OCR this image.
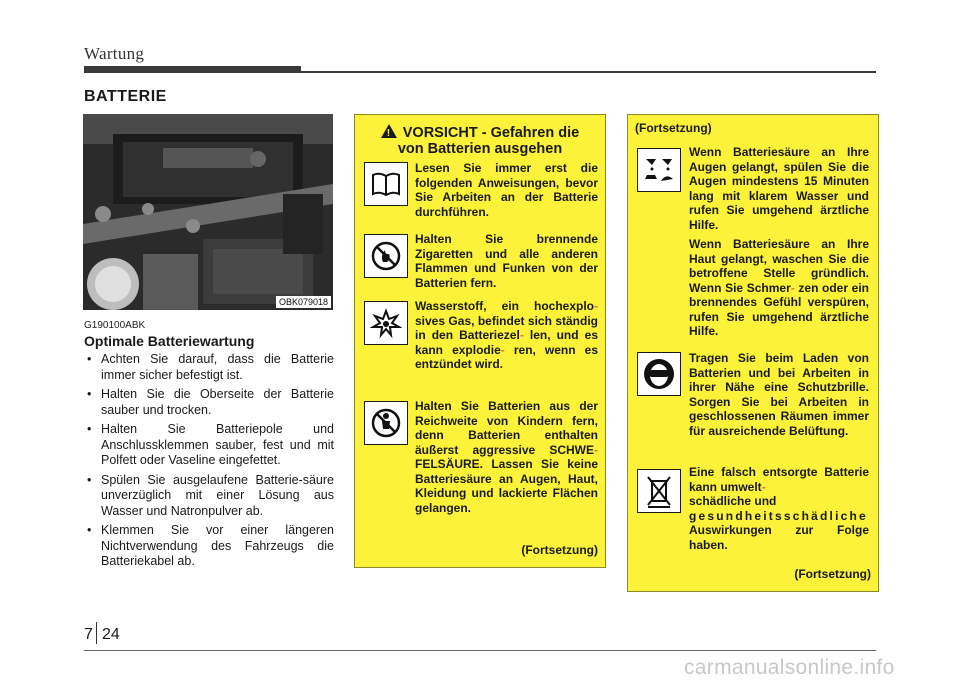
Wartung
BATTERIE
OBK079018
G190100ABK
Optimale Batteriewartung
• Achten Sie darauf, dass die Batterie immer sicher befestigt ist.
• Halten Sie die Oberseite der Batterie sauber und trocken.
• Halten Sie Batteriepole und Anschlussklemmen sauber, fest und mit Polfett oder Vaseline eingefettet.
• Spülen Sie ausgelaufene Batterie-säure unverzüglich mit einer Lösung aus Wasser und Natronpulver ab.
• Klemmen Sie vor einer längeren Nichtverwendung des Fahrzeugs die Batteriekabel ab.
!VORSICHT - Gefahren die
von Batterien ausgehen
Lesen Sie immer erst die folgenden Anweisungen, bevor Sie Arbeiten an der Batterie durchführen.
Halten Sie brennende Zigaretten und alle anderen Flammen und Funken von der Batterien fern.
Wasserstoff, ein hochexplo- sives Gas, befindet sich ständig in den Batteriezel- len, und es kann explodie- ren, wenn es entzündet wird.
Halten Sie Batterien aus der Reichweite von Kindern fern, denn Batterien enthalten äußerst aggressive SCHWE- FELSÄURE. Lassen Sie keine Batteriesäure an Augen, Haut, Kleidung und lackierte Flächen gelangen.
(Fortsetzung)
(Fortsetzung)
Wenn Batteriesäure an Ihre Augen gelangt, spülen Sie die Augen mindestens 15 Minuten lang mit klarem Wasser und rufen Sie umgehend ärztliche Hilfe.
Wenn Batteriesäure an Ihre Haut gelangt, waschen Sie die betroffene Stelle gründlich. Wenn Sie Schmer- zen oder ein brennendes Gefühl verspüren, rufen Sie umgehend ärztliche Hilfe.
Tragen Sie beim Laden von Batterien und bei Arbeiten in ihrer Nähe eine Schutzbrille. Sorgen Sie bei Arbeiten in geschlossenen Räumen immer für ausreichende Belüftung.
Eine falsch entsorgte Batterie kann umwelt-
schädliche und
gesundheitsschädliche
Auswirkungen zur Folge haben.
(Fortsetzung)
7 24
carmanualsonline.info
